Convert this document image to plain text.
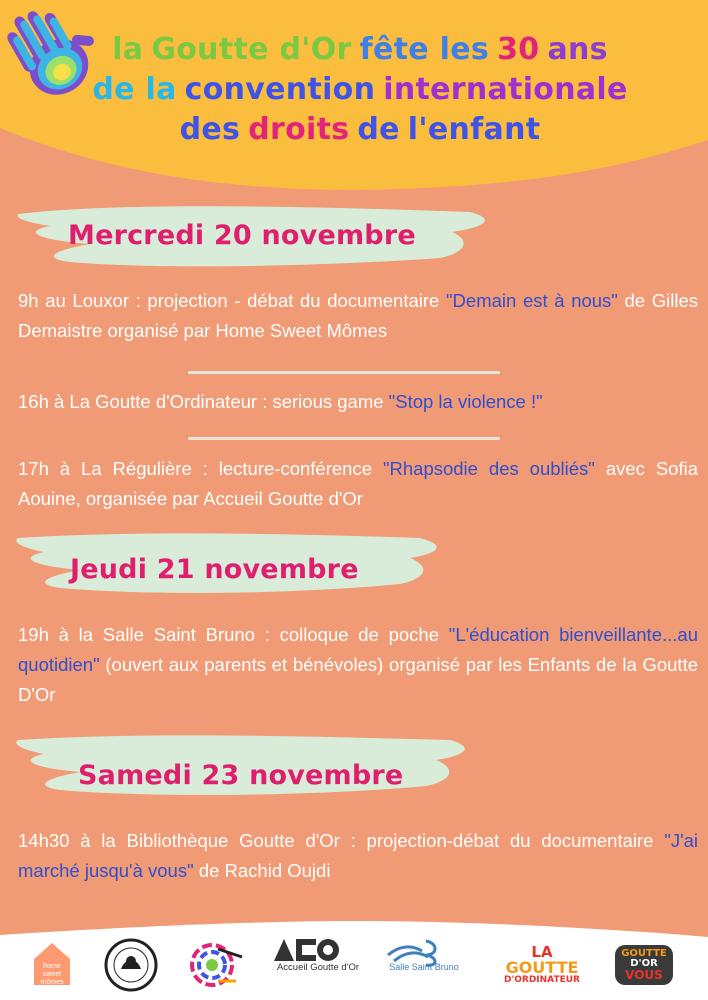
la Goutte d'Or fête les 30 ans
de la convention internationale
des droits de l'enfant
Mercredi 20 novembre
9h au Louxor : projection - débat du documentaire "Demain est à nous" de Gilles Demaistre organisé par Home Sweet Mômes
16h à La Goutte d'Ordinateur : serious game "Stop la violence !"
17h à La Régulière : lecture-conférence "Rhapsodie des oubliés" avec Sofia Aouine, organisée par Accueil Goutte d'Or
Jeudi 21 novembre
19h à la Salle Saint Bruno : colloque de poche "L'éducation bienveillante...au quotidien" (ouvert aux parents et bénévoles) organisé par les Enfants de la Goutte D'Or
Samedi 23 novembre
14h30 à la Bibliothèque Goutte d'Or : projection-débat du documentaire "J'ai marché jusqu'à vous" de Rachid Oujdi
home
sweet
mômes
Accueil Goutte d'Or	Salle Saint Bruno
LA
GOUTTE
D'ORDINATEUR
GOUTTE
D'OR
VOUS
